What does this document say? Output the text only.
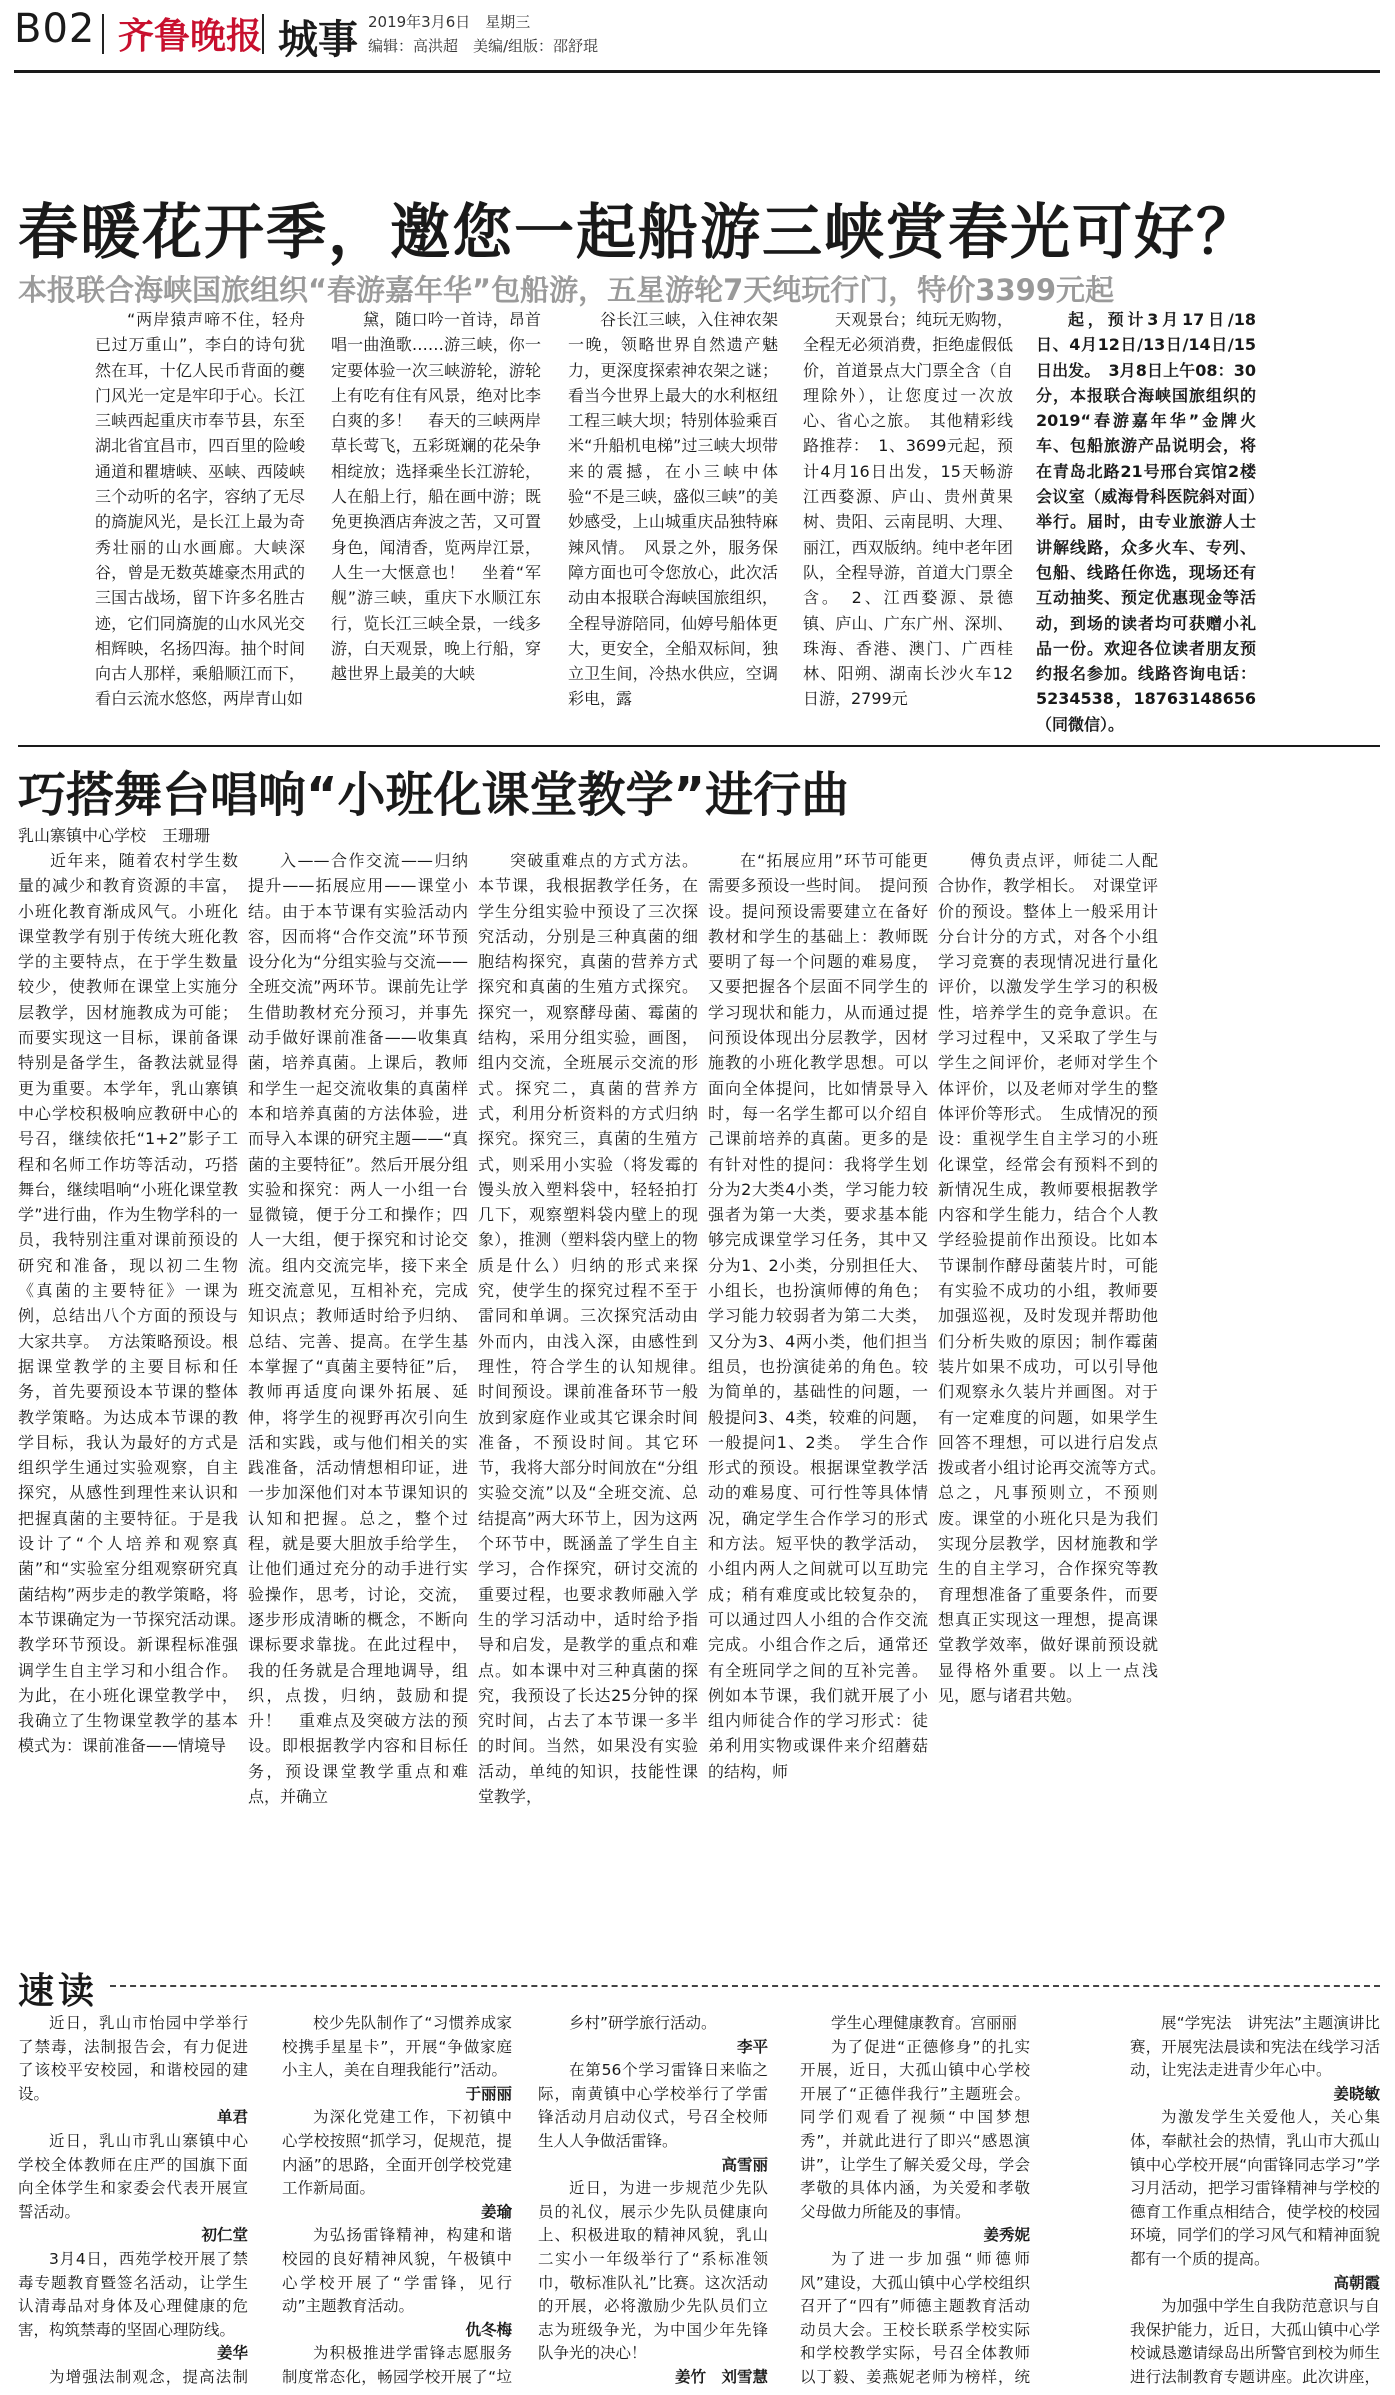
B02 齐鲁晚报 城事 2019年3月6日　星期三
编辑：高洪超　美编/组版：邵舒琨
春暖花开季，邀您一起船游三峡赏春光可好？
本报联合海峡国旅组织“春游嘉年华”包船游，五星游轮7天纯玩行门，特价3399元起

“两岸猿声啼不住，轻舟已过万重山”，李白的诗句犹然在耳，十亿人民币背面的夔门风光一定是牢印于心。长江三峡西起重庆市奉节县，东至湖北省宜昌市，四百里的险峻通道和瞿塘峡、巫峡、西陵峡三个动听的名字，容纳了无尽的旖旎风光，是长江上最为奇秀壮丽的山水画廊。大峡深谷，曾是无数英雄豪杰用武的三国古战场，留下许多名胜古迹，它们同旖旎的山水风光交相辉映，名扬四海。抽个时间向古人那样，乘船顺江而下，看白云流水悠悠，两岸青山如

黛，随口吟一首诗，昂首唱一曲渔歌……游三峡，你一定要体验一次三峡游轮，游轮上有吃有住有风景，绝对比李白爽的多！　春天的三峡两岸草长莺飞，五彩斑斓的花朵争相绽放；选择乘坐长江游轮，人在船上行，船在画中游；既免更换酒店奔波之苦，又可置身色，闻清香，览两岸江景，人生一大惬意也！　坐着“军舰”游三峡，重庆下水顺江东行，览长江三峡全景，一线多游，白天观景，晚上行船，穿越世界上最美的大峡

谷长江三峡，入住神农架一晚，领略世界自然遗产魅力，更深度探索神农架之谜；看当今世界上最大的水利枢纽工程三峡大坝；特别体验乘百米“升船机电梯”过三峡大坝带来的震撼，在小三峡中体验“不是三峡，盛似三峡”的美妙感受，上山城重庆品独特麻辣风情。　风景之外，服务保障方面也可令您放心，此次活动由本报联合海峡国旅组织，全程导游陪同，仙婷号船体更大，更安全，全船双标间，独立卫生间，冷热水供应，空调彩电，露

天观景台；纯玩无购物，全程无必须消费，拒绝虚假低价，首道景点大门票全含（自理除外），让您度过一次放心、省心之旅。　其他精彩线路推荐：　1、3699元起，预计4月16日出发，15天畅游江西婺源、庐山、贵州黄果树、贵阳、云南昆明、大理、丽江，西双版纳。纯中老年团队，全程导游，首道大门票全含。　2、江西婺源、景德镇、庐山、广东广州、深圳、珠海、香港、澳门、广西桂林、阳朔、湖南长沙火车12日游，2799元

起，预计3月17日/18日、4月12日/13日/14日/15日出发。　3月8日上午08：30分，本报联合海峡国旅组织的2019“春游嘉年华”金牌火车、包船旅游产品说明会，将在青岛北路21号邢台宾馆2楼会议室（威海骨科医院斜对面）举行。届时，由专业旅游人士讲解线路，众多火车、专列、包船、线路任你选，现场还有互动抽奖、预定优惠现金等活动，到场的读者均可获赠小礼品一份。欢迎各位读者朋友预约报名参加。线路咨询电话：5234538，18763148656（同微信）。

巧搭舞台唱响“小班化课堂教学”进行曲
乳山寨镇中心学校　王珊珊

近年来，随着农村学生数量的减少和教育资源的丰富，小班化教育渐成风气。小班化课堂教学有别于传统大班化教学的主要特点，在于学生数量较少，使教师在课堂上实施分层教学，因材施教成为可能；而要实现这一目标，课前备课特别是备学生，备教法就显得更为重要。本学年，乳山寨镇中心学校积极响应教研中心的号召，继续依托“1+2”影子工程和名师工作坊等活动，巧搭舞台，继续唱响“小班化课堂教学”进行曲，作为生物学科的一员，我特别注重对课前预设的研究和准备，现以初二生物《真菌的主要特征》一课为例，总结出八个方面的预设与大家共享。　方法策略预设。根据课堂教学的主要目标和任务，首先要预设本节课的整体教学策略。为达成本节课的教学目标，我认为最好的方式是组织学生通过实验观察，自主探究，从感性到理性来认识和把握真菌的主要特征。于是我设计了“个人培养和观察真菌”和“实验室分组观察研究真菌结构”两步走的教学策略，将本节课确定为一节探究活动课。　教学环节预设。新课程标准强调学生自主学习和小组合作。为此，在小班化课堂教学中，我确立了生物课堂教学的基本模式为：课前准备——情境导

入——合作交流——归纳提升——拓展应用——课堂小结。由于本节课有实验活动内容，因而将“合作交流”环节预设分化为“分组实验与交流——全班交流”两环节。课前先让学生借助教材充分预习，并事先动手做好课前准备——收集真菌，培养真菌。上课后，教师和学生一起交流收集的真菌样本和培养真菌的方法体验，进而导入本课的研究主题——“真菌的主要特征”。然后开展分组实验和探究：两人一小组一台显微镜，便于分工和操作；四人一大组，便于探究和讨论交流。组内交流完毕，接下来全班交流意见，互相补充，完成知识点；教师适时给予归纳、总结、完善、提高。在学生基本掌握了“真菌主要特征”后，教师再适度向课外拓展、延伸，将学生的视野再次引向生活和实践，或与他们相关的实践准备，活动情想相印证，进一步加深他们对本节课知识的认知和把握。总之，整个过程，就是要大胆放手给学生，让他们通过充分的动手进行实验操作，思考，讨论，交流，逐步形成清晰的概念，不断向课标要求靠拢。在此过程中，我的任务就是合理地调导，组织，点拨，归纳，鼓励和提升！　重难点及突破方法的预设。即根据教学内容和目标任务，预设课堂教学重点和难点，并确立

突破重难点的方式方法。本节课，我根据教学任务，在学生分组实验中预设了三次探究活动，分别是三种真菌的细胞结构探究，真菌的营养方式探究和真菌的生殖方式探究。探究一，观察酵母菌、霉菌的结构，采用分组实验，画图，组内交流，全班展示交流的形式。探究二，真菌的营养方式，利用分析资料的方式归纳探究。探究三，真菌的生殖方式，则采用小实验（将发霉的馒头放入塑料袋中，轻轻拍打几下，观察塑料袋内壁上的现象），推测（塑料袋内壁上的物质是什么）归纳的形式来探究，使学生的探究过程不至于雷同和单调。三次探究活动由外而内，由浅入深，由感性到理性，符合学生的认知规律。　时间预设。课前准备环节一般放到家庭作业或其它课余时间准备，不预设时间。其它环节，我将大部分时间放在“分组实验交流”以及“全班交流、总结提高”两大环节上，因为这两个环节中，既涵盖了学生自主学习，合作探究，研讨交流的重要过程，也要求教师融入学生的学习活动中，适时给予指导和启发，是教学的重点和难点。如本课中对三种真菌的探究，我预设了长达25分钟的探究时间，占去了本节课一多半的时间。当然，如果没有实验活动，单纯的知识，技能性课堂教学，

在“拓展应用”环节可能更需要多预设一些时间。　提问预设。提问预设需要建立在备好教材和学生的基础上：教师既要明了每一个问题的难易度，又要把握各个层面不同学生的学习现状和能力，从而通过提问预设体现出分层教学，因材施教的小班化教学思想。可以面向全体提问，比如情景导入时，每一名学生都可以介绍自己课前培养的真菌。更多的是有针对性的提问：我将学生划分为2大类4小类，学习能力较强者为第一大类，要求基本能够完成课堂学习任务，其中又分为1、2小类，分别担任大、小组长，也扮演师傅的角色；学习能力较弱者为第二大类，又分为3、4两小类，他们担当组员，也扮演徒弟的角色。较为简单的，基础性的问题，一般提问3、4类，较难的问题，一般提问1、2类。　学生合作形式的预设。根据课堂教学活动的难易度、可行性等具体情况，确定学生合作学习的形式和方法。短平快的教学活动，小组内两人之间就可以互助完成；稍有难度或比较复杂的，可以通过四人小组的合作交流完成。小组合作之后，通常还有全班同学之间的互补完善。例如本节课，我们就开展了小组内师徒合作的学习形式：徒弟利用实物或课件来介绍蘑菇的结构，师

傅负责点评，师徒二人配合协作，教学相长。　对课堂评价的预设。整体上一般采用计分台计分的方式，对各个小组学习竞赛的表现情况进行量化评价，以激发学生学习的积极性，培养学生的竞争意识。在学习过程中，又采取了学生与学生之间评价，老师对学生个体评价，以及老师对学生的整体评价等形式。　生成情况的预设：重视学生自主学习的小班化课堂，经常会有预料不到的新情况生成，教师要根据教学内容和学生能力，结合个人教学经验提前作出预设。比如本节课制作酵母菌装片时，可能有实验不成功的小组，教师要加强巡视，及时发现并帮助他们分析失败的原因；制作霉菌装片如果不成功，可以引导他们观察永久装片并画图。对于有一定难度的问题，如果学生回答不理想，可以进行启发点拨或者小组讨论再交流等方式。　总之，凡事预则立，不预则废。课堂的小班化只是为我们实现分层教学，因材施教和学生的自主学习，合作探究等教育理想准备了重要条件，而要想真正实现这一理想，提高课堂教学效率，做好课前预设就显得格外重要。以上一点浅见，愿与诸君共勉。

速读

近日，乳山市怡园中学举行了禁毒，法制报告会，有力促进了该校平安校园，和谐校园的建设。

单君

近日，乳山市乳山寨镇中心学校全体教师在庄严的国旗下面向全体学生和家委会代表开展宣誓活动。

初仁堂

3月4日，西苑学校开展了禁毒专题教育暨签名活动，让学生认清毒品对身体及心理健康的危害，构筑禁毒的坚固心理防线。

姜华

为增强法制观念，提高法制

校少先队制作了“习惯养成家校携手星星卡”，开展“争做家庭小主人，美在自理我能行”活动。

于丽丽

为深化党建工作，下初镇中心学校按照“抓学习，促规范，提内涵”的思路，全面开创学校党建工作新局面。

姜瑜

为弘扬雷锋精神，构建和谐校园的良好精神风貌，午极镇中心学校开展了“学雷锋，见行动”主题教育活动。

仇冬梅

为积极推进学雷锋志愿服务制度常态化，畅园学校开展了“垃

乡村”研学旅行活动。

李平

在第56个学习雷锋日来临之际，南黄镇中心学校举行了学雷锋活动月启动仪式，号召全校师生人人争做活雷锋。

高雪丽

近日，为进一步规范少先队员的礼仪，展示少先队员健康向上、积极进取的精神风貌，乳山二实小一年级举行了“系标准领巾，敬标准队礼”比赛。这次活动的开展，必将激励少先队员们立志为班级争光，为中国少年先锋队争光的决心！

姜竹　刘雪慧

学生心理健康教育。宫丽丽

为了促进“正德修身”的扎实开展，近日，大孤山镇中心学校开展了“正德伴我行”主题班会。同学们观看了视频“中国梦想秀”，并就此进行了即兴“感恩演讲”，让学生了解关爱父母，学会孝敬的具体内涵，为关爱和孝敬父母做力所能及的事情。

姜秀妮

为了进一步加强“师德师风”建设，大孤山镇中心学校组织召开了“四有”师德主题教育活动动员大会。王校长联系学校实际和学校教学实际，号召全体教师以丁毅、姜燕妮老师为榜样，统

展“学宪法　讲宪法”主题演讲比赛，开展宪法晨读和宪法在线学习活动，让宪法走进青少年心中。

姜晓敏

为激发学生关爱他人，关心集体，奉献社会的热情，乳山市大孤山镇中心学校开展“向雷锋同志学习”学习月活动，把学习雷锋精神与学校的德育工作重点相结合，使学校的校园环境，同学们的学习风气和精神面貌都有一个质的提高。

高朝霞

为加强中学生自我防范意识与自我保护能力，近日，大孤山镇中心学校诚恳邀请绿岛出所警官到校为师生进行法制教育专题讲座。此次讲座，
